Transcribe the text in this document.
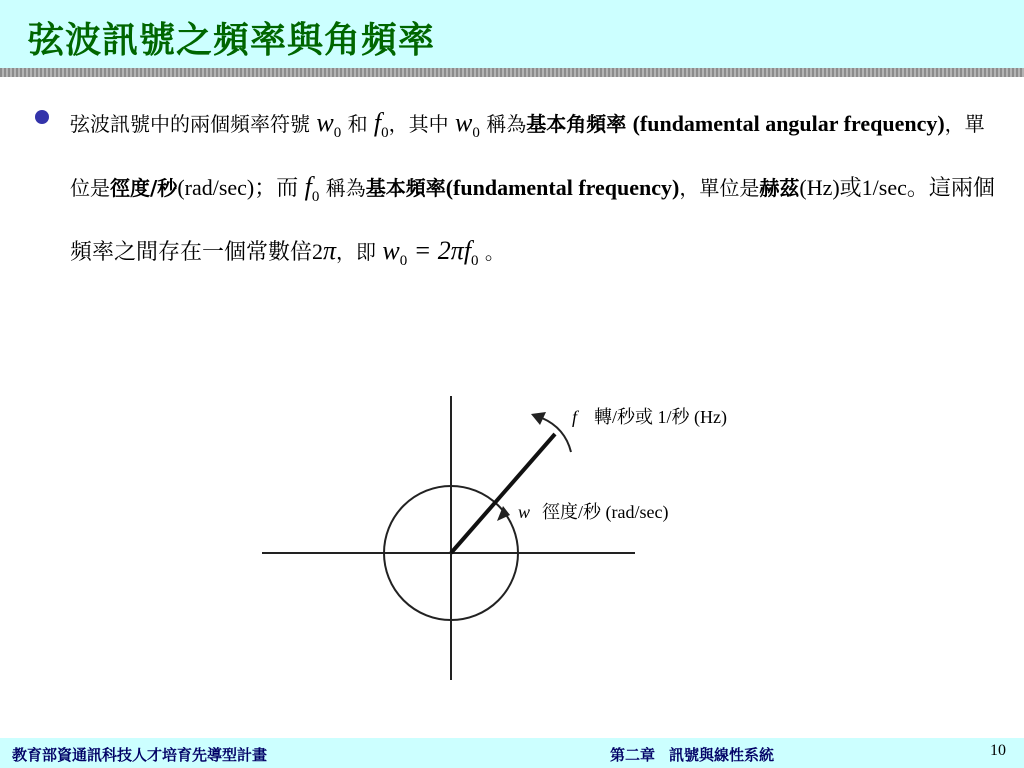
弦波訊號之頻率與角頻率
弦波訊號中的兩個頻率符號 $w_0$ 和 $f_0$，其中 $w_0$ 稱為基本角頻率 (fundamental angular frequency)，單位是徑度/秒(rad/sec)；而 $f_0$ 稱為基本頻率(fundamental frequency)，單位是赫茲(Hz)或1/sec。這兩個頻率之間存在一個常數倍2π，即 $w_0 = 2\pi f_0$ 。
f 轉/秒或 1/秒 (Hz)
w 徑度/秒 (rad/sec)
教育部資通訊科技人才培育先導型計畫	第二章 訊號與線性系統	10
